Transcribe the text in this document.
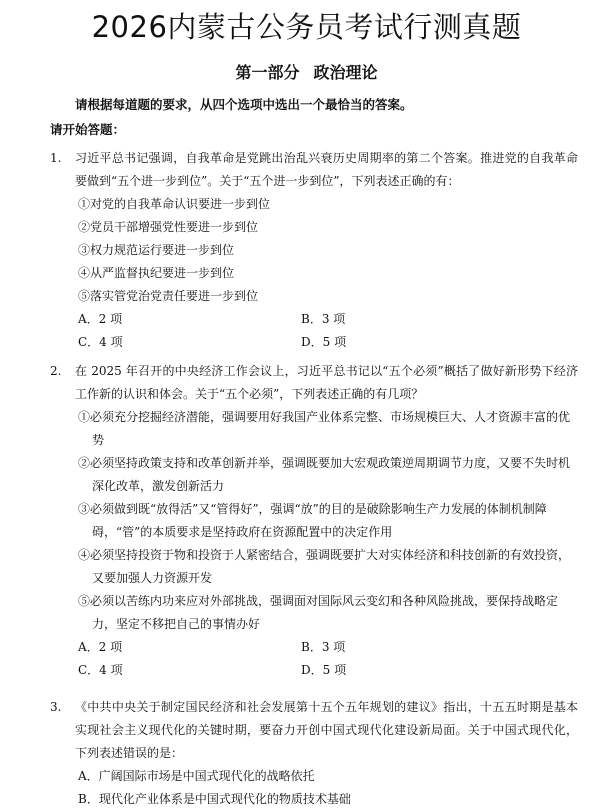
2026内蒙古公务员考试行测真题
第一部分 政治理论
请根据每道题的要求，从四个选项中选出一个最恰当的答案。
请开始答题：
1. 习近平总书记强调，自我革命是党跳出治乱兴衰历史周期率的第二个答案。推进党的自我革命要做到“五个进一步到位”。关于“五个进一步到位”，下列表述正确的有：
①对党的自我革命认识要进一步到位
②党员干部增强党性要进一步到位
③权力规范运行要进一步到位
④从严监督执纪要进一步到位
⑤落实管党治党责任要进一步到位
A．2 项	B．3 项
C．4 项	D．5 项
2. 在 2025 年召开的中央经济工作会议上，习近平总书记以“五个必须”概括了做好新形势下经济工作新的认识和体会。关于“五个必须”，下列表述正确的有几项？
①必须充分挖掘经济潜能，强调要用好我国产业体系完整、市场规模巨大、人才资源丰富的优势
②必须坚持政策支持和改革创新并举，强调既要加大宏观政策逆周期调节力度，又要不失时机深化改革，激发创新活力
③必须做到既“放得活”又“管得好”，强调“放”的目的是破除影响生产力发展的体制机制障碍，“管”的本质要求是坚持政府在资源配置中的决定作用
④必须坚持投资于物和投资于人紧密结合，强调既要扩大对实体经济和科技创新的有效投资，又要加强人力资源开发
⑤必须以苦练内功来应对外部挑战，强调面对国际风云变幻和各种风险挑战，要保持战略定力，坚定不移把自己的事情办好
A．2 项	B．3 项
C．4 项	D．5 项
3. 《中共中央关于制定国民经济和社会发展第十五个五年规划的建议》指出，十五五时期是基本实现社会主义现代化的关键时期，要奋力开创中国式现代化建设新局面。关于中国式现代化，下列表述错误的是：
A．广阔国际市场是中国式现代化的战略依托
B．现代化产业体系是中国式现代化的物质技术基础
